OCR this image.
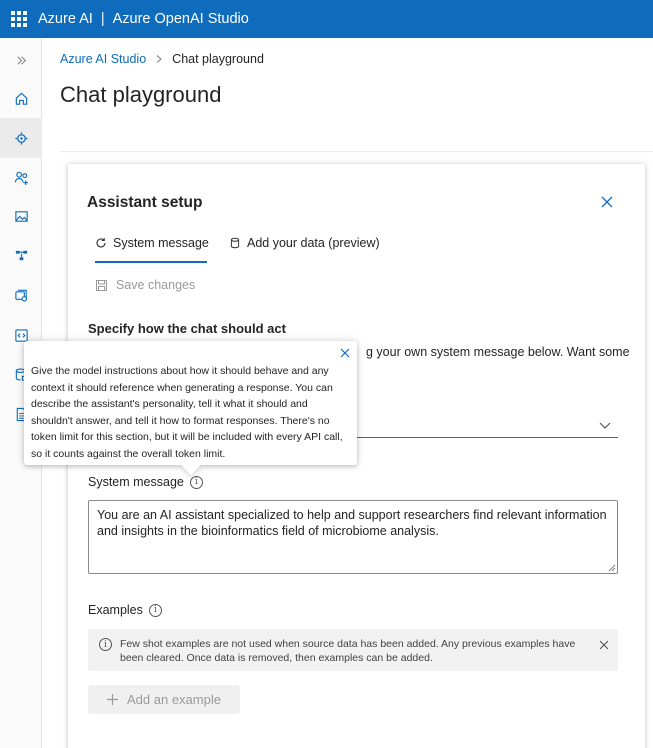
Azure AI | Azure OpenAI Studio
Azure AI Studio Chat playground
Chat playground
Assistant setup
System message	Add your data (preview)
Save changes
Specify how the chat should act
g your own system message below. Want some
System message	i
You are an AI assistant specialized to help and support researchers find relevant information and insights in the bioinformatics field of microbiome analysis.
Examples	i
i	Few shot examples are not used when source data has been added. Any previous examples have been cleared. Once data is removed, then examples can be added.
Add an example
Give the model instructions about how it should behave and any context it should reference when generating a response. You can describe the assistant's personality, tell it what it should and shouldn't answer, and tell it how to format responses. There's no token limit for this section, but it will be included with every API call, so it counts against the overall token limit.
